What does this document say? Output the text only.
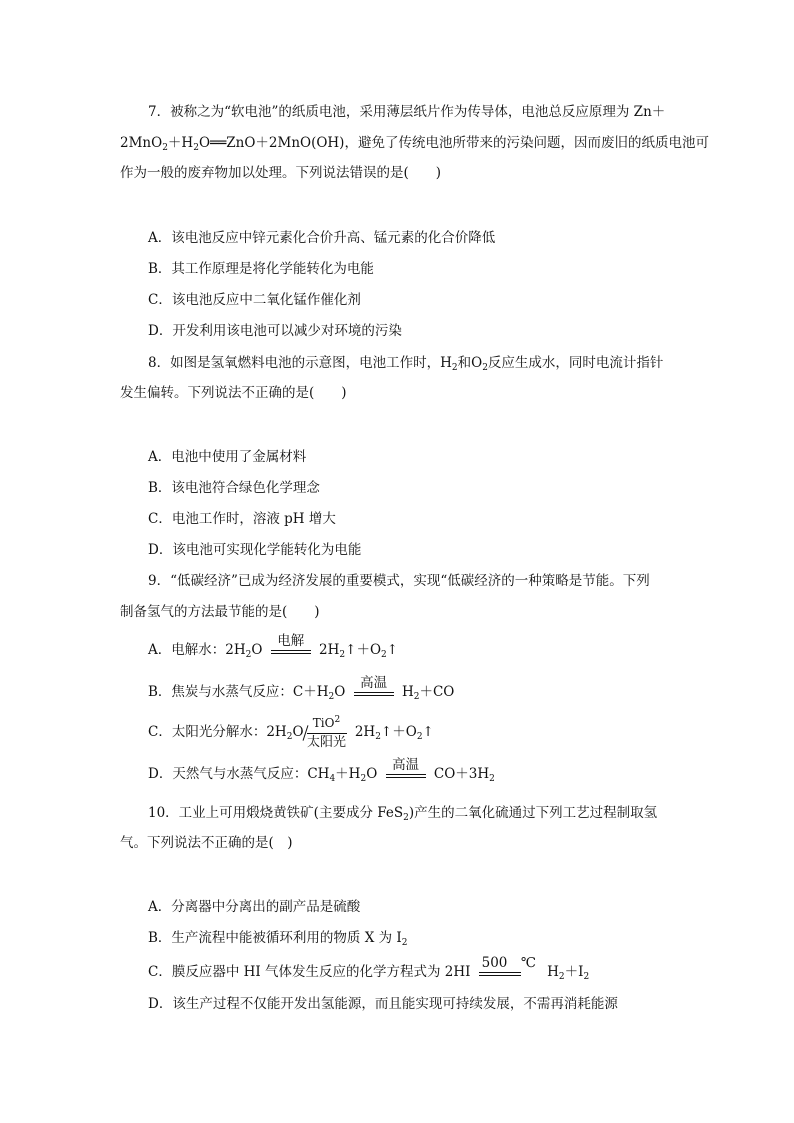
7．被称之为“软电池”的纸质电池，采用薄层纸片作为传导体，电池总反应原理为 Zn＋
$2MnO_2+H_2O══ZnO+2MnO(OH)$，避免了传统电池所带来的污染问题，因而废旧的纸质电池可
作为一般的废弃物加以处理。下列说法错误的是(　　)
A．该电池反应中锌元素化合价升高、锰元素的化合价降低
B．其工作原理是将化学能转化为电能
C．该电池反应中二氧化锰作催化剂
D．开发利用该电池可以减少对环境的污染
8．如图是氢氧燃料电池的示意图，电池工作时，$H_2$和$O_2$反应生成水，同时电流计指针
发生偏转。下列说法不正确的是(　　)
A．电池中使用了金属材料
B．该电池符合绿色化学理念
C．电池工作时，溶液 pH 增大
D．该电池可实现化学能转化为电能
9．“低碳经济”已成为经济发展的重要模式，实现“低碳经济的一种策略是节能。下列
制备氢气的方法最节能的是(　　)
A．电解水：$2H_2O$
电解
$2H_2↑+O_2↑$
B．焦炭与水蒸气反应：$C+H_2O$
高温
$H_2+CO$
C．太阳光分解水：$2H_2O$
TiO$^2$
太阳光
$2H_2↑+O_2↑$
D．天然气与水蒸气反应：$CH_4+H_2O$
高温
$CO+3H_2$
10．工业上可用煅烧黄铁矿(主要成分 FeS$_2$)产生的二氧化硫通过下列工艺过程制取氢
气。下列说法不正确的是(　)
A．分离器中分离出的副产品是硫酸
B．生产流程中能被循环利用的物质 X 为 $I_2$
C．膜反应器中 HI 气体发生反应的化学方程式为 2HI
500　℃
$H_2+I_2$
D．该生产过程不仅能开发出氢能源，而且能实现可持续发展，不需再消耗能源
